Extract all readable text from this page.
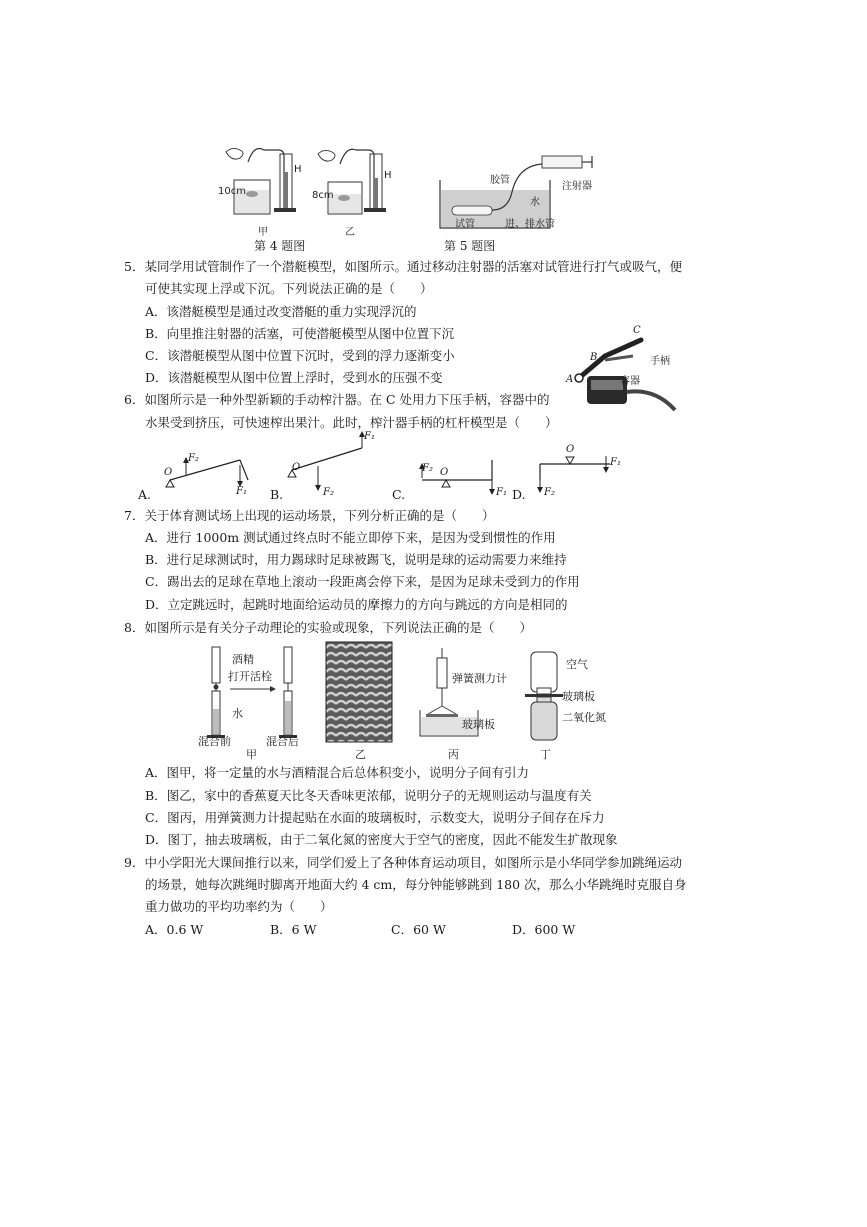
H
10cm
H
8cm
甲	乙
第 4 题图
胶管
注射器
水
试管	进、排水管
第 5 题图
5．某同学用试管制作了一个潜艇模型，如图所示。通过移动注射器的活塞对试管进行打气或吸气，便
可使其实现上浮或下沉。下列说法正确的是（　　）
A．该潜艇模型是通过改变潜艇的重力实现浮沉的
B．向里推注射器的活塞，可使潜艇模型从图中位置下沉
C．该潜艇模型从图中位置下沉时，受到的浮力逐渐变小
D．该潜艇模型从图中位置上浮时，受到水的压强不变
C
B
A
手柄
容器
6．如图所示是一种外型新颖的手动榨汁器。在 C 处用力下压手柄，容器中的
水果受到挤压，可快速榨出果汁。此时，榨汁器手柄的杠杆模型是（　　）
A.	B.	C.	D.
F₂
O
F₁
F₁
O
F₂
F₂ O
F₁
O
F₁
F₂
7．关于体育测试场上出现的运动场景，下列分析正确的是（　　）
A．进行 1000m 测试通过终点时不能立即停下来，是因为受到惯性的作用
B．进行足球测试时，用力踢球时足球被踢飞，说明是球的运动需要力来维持
C．踢出去的足球在草地上滚动一段距离会停下来，是因为足球未受到力的作用
D．立定跳远时，起跳时地面给运动员的摩擦力的方向与跳远的方向是相同的
8．如图所示是有关分子动理论的实验或现象，下列说法正确的是（　　）
酒精
打开活栓
水
混合前	混合后
甲	乙
弹簧测力计
玻璃板
丙
空气
玻璃板
二氧化氮
丁
A．图甲，将一定量的水与酒精混合后总体积变小，说明分子间有引力
B．图乙，家中的香蕉夏天比冬天香味更浓郁，说明分子的无规则运动与温度有关
C．图丙，用弹簧测力计提起贴在水面的玻璃板时，示数变大，说明分子间存在斥力
D．图丁，抽去玻璃板，由于二氧化氮的密度大于空气的密度，因此不能发生扩散现象
9．中小学阳光大课间推行以来，同学们爱上了各种体育运动项目，如图所示是小华同学参加跳绳运动
的场景，她每次跳绳时脚离开地面大约 4 cm，每分钟能够跳到 180 次，那么小华跳绳时克服自身
重力做功的平均功率约为（　　）
A．0.6 W	B．6 W	C．60 W	D．600 W
